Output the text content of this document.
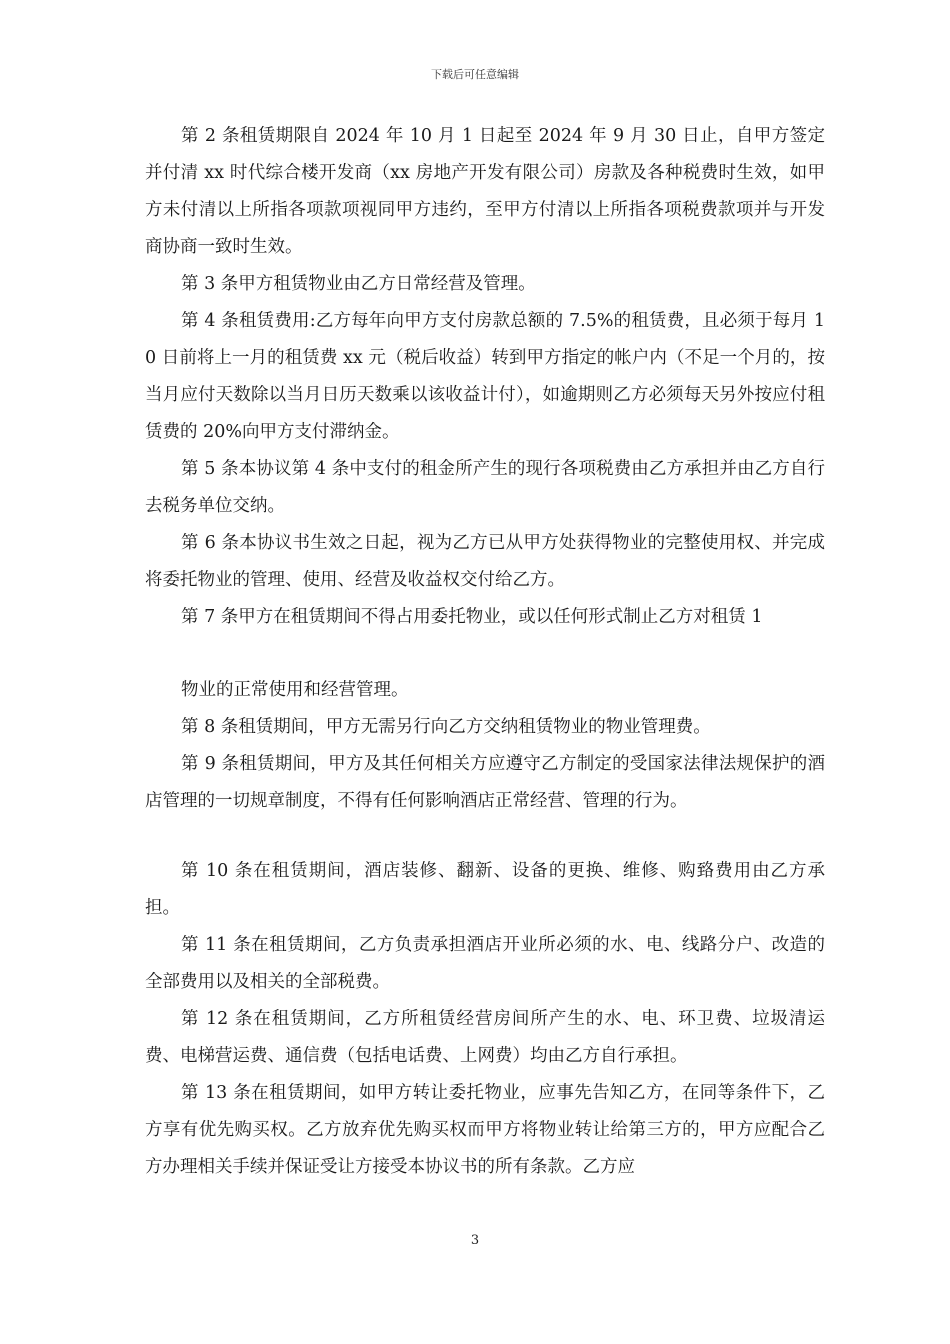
下载后可任意编辑

第 2 条租赁期限自 2024 年 10 月 1 日起至 2024 年 9 月 30 日止，自甲方签定并付清 xx 时代综合楼开发商（xx 房地产开发有限公司）房款及各种税费时生效，如甲方未付清以上所指各项款项视同甲方违约，至甲方付清以上所指各项税费款项并与开发商协商一致时生效。

第 3 条甲方租赁物业由乙方日常经营及管理。

第 4 条租赁费用:乙方每年向甲方支付房款总额的 7.5%的租赁费，且必须于每月 10 日前将上一月的租赁费 xx 元（税后收益）转到甲方指定的帐户内（不足一个月的，按当月应付天数除以当月日历天数乘以该收益计付），如逾期则乙方必须每天另外按应付租赁费的 20%向甲方支付滞纳金。

第 5 条本协议第 4 条中支付的租金所产生的现行各项税费由乙方承担并由乙方自行去税务单位交纳。

第 6 条本协议书生效之日起，视为乙方已从甲方处获得物业的完整使用权、并完成将委托物业的管理、使用、经营及收益权交付给乙方。

第 7 条甲方在租赁期间不得占用委托物业，或以任何形式制止乙方对租赁 1

物业的正常使用和经营管理。

第 8 条租赁期间，甲方无需另行向乙方交纳租赁物业的物业管理费。

第 9 条租赁期间，甲方及其任何相关方应遵守乙方制定的受国家法律法规保护的酒店管理的一切规章制度，不得有任何影响酒店正常经营、管理的行为。

第 10 条在租赁期间，酒店装修、翻新、设备的更换、维修、购臵费用由乙方承担。

第 11 条在租赁期间，乙方负责承担酒店开业所必须的水、电、线路分户、改造的全部费用以及相关的全部税费。

第 12 条在租赁期间，乙方所租赁经营房间所产生的水、电、环卫费、垃圾清运费、电梯营运费、通信费（包括电话费、上网费）均由乙方自行承担。

第 13 条在租赁期间，如甲方转让委托物业，应事先告知乙方，在同等条件下，乙方享有优先购买权。乙方放弃优先购买权而甲方将物业转让给第三方的，甲方应配合乙方办理相关手续并保证受让方接受本协议书的所有条款。乙方应

3
